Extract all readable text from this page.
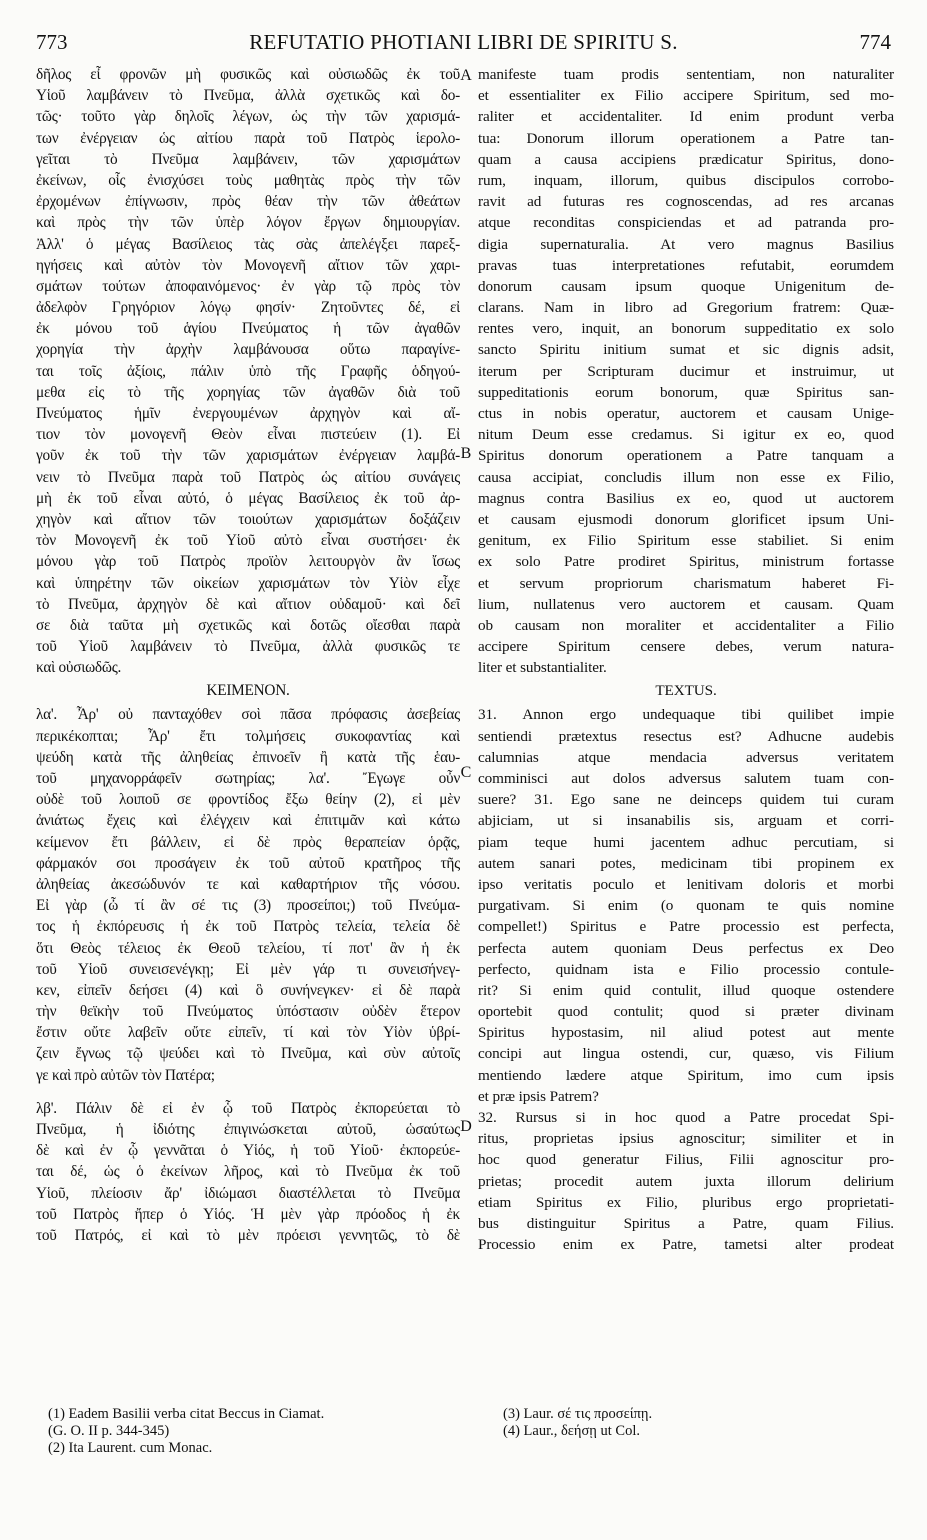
773	REFUTATIO PHOTIANI LIBRI DE SPIRITU S.	774
A
B
C
D
δῆλος εἶ φρονῶν μὴ φυσικῶς καὶ οὐσιωδῶς ἐκ τοῦ
Υἱοῦ λαμβάνειν τὸ Πνεῦμα, ἀλλὰ σχετικῶς καὶ δο-
τῶς· τοῦτο γὰρ δηλοῖς λέγων, ὡς τὴν τῶν χαρισμά-
των ἐνέργειαν ὡς αἰτίου παρὰ τοῦ Πατρὸς ἱερολο-
γεῖται τὸ Πνεῦμα λαμβάνειν, τῶν χαρισμάτων
ἐκείνων, οἷς ἐνισχύσει τοὺς μαθητὰς πρὸς τὴν τῶν
ἐρχομένων ἐπίγνωσιν, πρὸς θέαν τὴν τῶν ἀθεάτων
καὶ πρὸς τὴν τῶν ὑπὲρ λόγον ἔργων δημιουργίαν.
Ἀλλ' ὁ μέγας Βασίλειος τὰς σὰς ἀπελέγξει παρεξ-
ηγήσεις καὶ αὐτὸν τὸν Μονογενῆ αἴτιον τῶν χαρι-
σμάτων τούτων ἀποφαινόμενος· ἐν γὰρ τῷ πρὸς τὸν
ἀδελφὸν Γρηγόριον λόγῳ φησίν· Ζητοῦντες δέ, εἰ
ἐκ μόνου τοῦ ἁγίου Πνεύματος ἡ τῶν ἀγαθῶν
χορηγία τὴν ἀρχὴν λαμβάνουσα οὕτω παραγίνε-
ται τοῖς ἀξίοις, πάλιν ὑπὸ τῆς Γραφῆς ὁδηγού-
μεθα εἰς τὸ τῆς χορηγίας τῶν ἀγαθῶν διὰ τοῦ
Πνεύματος ἡμῖν ἐνεργουμένων ἀρχηγὸν καὶ αἴ-
τιον τὸν μονογενῆ Θεὸν εἶναι πιστεύειν (1). Εἰ
γοῦν ἐκ τοῦ τὴν τῶν χαρισμάτων ἐνέργειαν λαμβά-
νειν τὸ Πνεῦμα παρὰ τοῦ Πατρὸς ὡς αἰτίου συνάγεις
μὴ ἐκ τοῦ εἶναι αὐτό, ὁ μέγας Βασίλειος ἐκ τοῦ ἀρ-
χηγὸν καὶ αἴτιον τῶν τοιούτων χαρισμάτων δοξάζειν
τὸν Μονογενῆ ἐκ τοῦ Υἱοῦ αὐτὸ εἶναι συστήσει· ἐκ
μόνου γὰρ τοῦ Πατρὸς προϊὸν λειτουργὸν ἂν ἴσως
καὶ ὑπηρέτην τῶν οἰκείων χαρισμάτων τὸν Υἱὸν εἶχε
τὸ Πνεῦμα, ἀρχηγὸν δὲ καὶ αἴτιον οὐδαμοῦ· καὶ δεῖ
σε διὰ ταῦτα μὴ σχετικῶς καὶ δοτῶς οἴεσθαι παρὰ
τοῦ Υἱοῦ λαμβάνειν τὸ Πνεῦμα, ἀλλὰ φυσικῶς τε
καὶ οὐσιωδῶς.
ΚΕΙΜΕΝΟΝ.
λα'. Ἆρ' οὐ πανταχόθεν σοὶ πᾶσα πρόφασις ἀσεβείας
περικέκοπται; Ἆρ' ἔτι τολμήσεις συκοφαντίας καὶ
ψεύδη κατὰ τῆς ἀληθείας ἐπινοεῖν ἢ κατὰ τῆς ἑαυ-
τοῦ μηχανορράφεῖν σωτηρίας; λα'. Ἔγωγε οὖν
οὐδὲ τοῦ λοιποῦ σε φροντίδος ἔξω θείην (2), εἰ μὲν
ἀνιάτως ἔχεις καὶ ἐλέγχειν καὶ ἐπιτιμᾶν καὶ κάτω
κείμενον ἔτι βάλλειν, εἰ δὲ πρὸς θεραπείαν ὁρᾷς,
φάρμακόν σοι προσάγειν ἐκ τοῦ αὐτοῦ κρατῆρος τῆς
ἀληθείας ἀκεσώδυνόν τε καὶ καθαρτήριον τῆς νόσου.
Εἰ γὰρ (ὦ τί ἂν σέ τις (3) προσείποι;) τοῦ Πνεύμα-
τος ἡ ἐκπόρευσις ἡ ἐκ τοῦ Πατρὸς τελεία, τελεία δὲ
ὅτι Θεὸς τέλειος ἐκ Θεοῦ τελείου, τί ποτ' ἂν ἡ ἐκ
τοῦ Υἱοῦ συνεισενέγκῃ; Εἰ μὲν γάρ τι συνεισήνεγ-
κεν, εἰπεῖν δεήσει (4) καὶ ὃ συνήνεγκεν· εἰ δὲ παρὰ
τὴν θεϊκὴν τοῦ Πνεύματος ὑπόστασιν οὐδὲν ἕτερον
ἔστιν οὔτε λαβεῖν οὔτε εἰπεῖν, τί καὶ τὸν Υἱὸν ὑβρί-
ζειν ἔγνως τῷ ψεύδει καὶ τὸ Πνεῦμα, καὶ σὺν αὐτοῖς
γε καὶ πρὸ αὐτῶν τὸν Πατέρα;
λβ'. Πάλιν δὲ εἰ ἐν ᾧ τοῦ Πατρὸς ἐκπορεύεται τὸ
Πνεῦμα, ἡ ἰδιότης ἐπιγινώσκεται αὐτοῦ, ὡσαύτως
δὲ καὶ ἐν ᾧ γεννᾶται ὁ Υἱός, ἡ τοῦ Υἱοῦ· ἐκπορεύε-
ται δέ, ὡς ὁ ἐκείνων λῆρος, καὶ τὸ Πνεῦμα ἐκ τοῦ
Υἱοῦ, πλείοσιν ἄρ' ἰδιώμασι διαστέλλεται τὸ Πνεῦμα
τοῦ Πατρὸς ἤπερ ὁ Υἱός. Ἡ μὲν γὰρ πρόοδος ἡ ἐκ
τοῦ Πατρός, εἰ καὶ τὸ μὲν πρόεισι γεννητῶς, τὸ δὲ
manifeste tuam prodis sententiam, non naturaliter
et essentialiter ex Filio accipere Spiritum, sed mo-
raliter et accidentaliter. Id enim produnt verba
tua: Donorum illorum operationem a Patre tan-
quam a causa accipiens prædicatur Spiritus, dono-
rum, inquam, illorum, quibus discipulos corrobo-
ravit ad futuras res cognoscendas, ad res arcanas
atque reconditas conspiciendas et ad patranda pro-
digia supernaturalia. At vero magnus Basilius
pravas tuas interpretationes refutabit, eorumdem
donorum causam ipsum quoque Unigenitum de-
clarans. Nam in libro ad Gregorium fratrem: Quæ-
rentes vero, inquit, an bonorum suppeditatio ex solo
sancto Spiritu initium sumat et sic dignis adsit,
iterum per Scripturam ducimur et instruimur, ut
suppeditationis eorum bonorum, quæ Spiritus san-
ctus in nobis operatur, auctorem et causam Unige-
nitum Deum esse credamus. Si igitur ex eo, quod
Spiritus donorum operationem a Patre tanquam a
causa accipiat, concludis illum non esse ex Filio,
magnus contra Basilius ex eo, quod ut auctorem
et causam ejusmodi donorum glorificet ipsum Uni-
genitum, ex Filio Spiritum esse stabiliet. Si enim
ex solo Patre prodiret Spiritus, ministrum fortasse
et servum propriorum charismatum haberet Fi-
lium, nullatenus vero auctorem et causam. Quam
ob causam non moraliter et accidentaliter a Filio
accipere Spiritum censere debes, verum natura-
liter et substantialiter.
TEXTUS.
31. Annon ergo undequaque tibi quilibet impie
sentiendi prætextus resectus est? Adhucne audebis
calumnias atque mendacia adversus veritatem
comminisci aut dolos adversus salutem tuam con-
suere? 31. Ego sane ne deinceps quidem tui curam
abjiciam, ut si insanabilis sis, arguam et corri-
piam teque humi jacentem adhuc percutiam, si
autem sanari potes, medicinam tibi propinem ex
ipso veritatis poculo et lenitivam doloris et morbi
purgativam. Si enim (o quonam te quis nomine
compellet!) Spiritus e Patre processio est perfecta,
perfecta autem quoniam Deus perfectus ex Deo
perfecto, quidnam ista e Filio processio contule-
rit? Si enim quid contulit, illud quoque ostendere
oportebit quod contulit; quod si præter divinam
Spiritus hypostasim, nil aliud potest aut mente
concipi aut lingua ostendi, cur, quæso, vis Filium
mentiendo lædere atque Spiritum, imo cum ipsis
et præ ipsis Patrem?
32. Rursus si in hoc quod a Patre procedat Spi-
ritus, proprietas ipsius agnoscitur; similiter et in
hoc quod generatur Filius, Filii agnoscitur pro-
prietas; procedit autem juxta illorum delirium
etiam Spiritus ex Filio, pluribus ergo proprietati-
bus distinguitur Spiritus a Patre, quam Filius.
Processio enim ex Patre, tametsi alter prodeat
(1) Eadem Basilii verba citat Beccus in Ciamat.
(G. O. II p. 344-345)
(2) Ita Laurent. cum Monac.
(3) Laur. σέ τις προσείπῃ.
(4) Laur., δεήσῃ ut Col.
